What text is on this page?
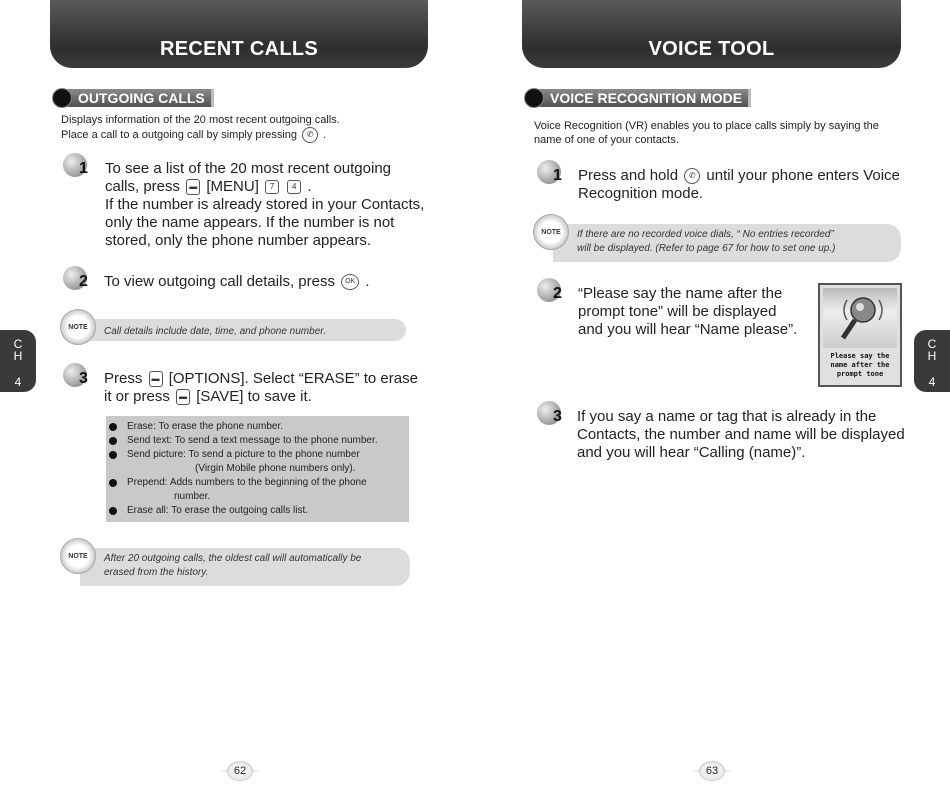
RECENT CALLS
OUTGOING CALLS
Displays information of the 20 most recent outgoing calls.
Place a call to a outgoing call by simply pressing ✆ .
1 To see a list of the 20 most recent outgoing
calls, press ▬ [MENU] 7 4 .
If the number is already stored in your Contacts,
only the name appears. If the number is not
stored, only the phone number appears.
2 To view outgoing call details, press OK .
Call details include date, time, and phone number.
NOTE
3 Press ▬ [OPTIONS]. Select “ERASE” to erase
it or press ▬ [SAVE] to save it.
Erase: To erase the phone number.
Send text: To send a text message to the phone number.
Send picture: To send a picture to the phone number
(Virgin Mobile phone numbers only).
Prepend: Adds numbers to the beginning of the phone
number.
Erase all: To erase the outgoing calls list.
After 20 outgoing calls, the oldest call will automatically be
erased from the history.
NOTE
C
H
4
62
VOICE TOOL
VOICE RECOGNITION MODE
Voice Recognition (VR) enables you to place calls simply by saying the
name of one of your contacts.
1 Press and hold ✆ until your phone enters Voice
Recognition mode.
If there are no recorded voice dials, “ No entries recorded”
will be displayed. (Refer to page 67 for how to set one up.)
NOTE
2 “Please say the name after the
prompt tone” will be displayed
and you will hear “Name please”.
Please say the name after the prompt tone
3 If you say a name or tag that is already in the
Contacts, the number and name will be displayed
and you will hear “Calling (name)”.
C
H
4
63
